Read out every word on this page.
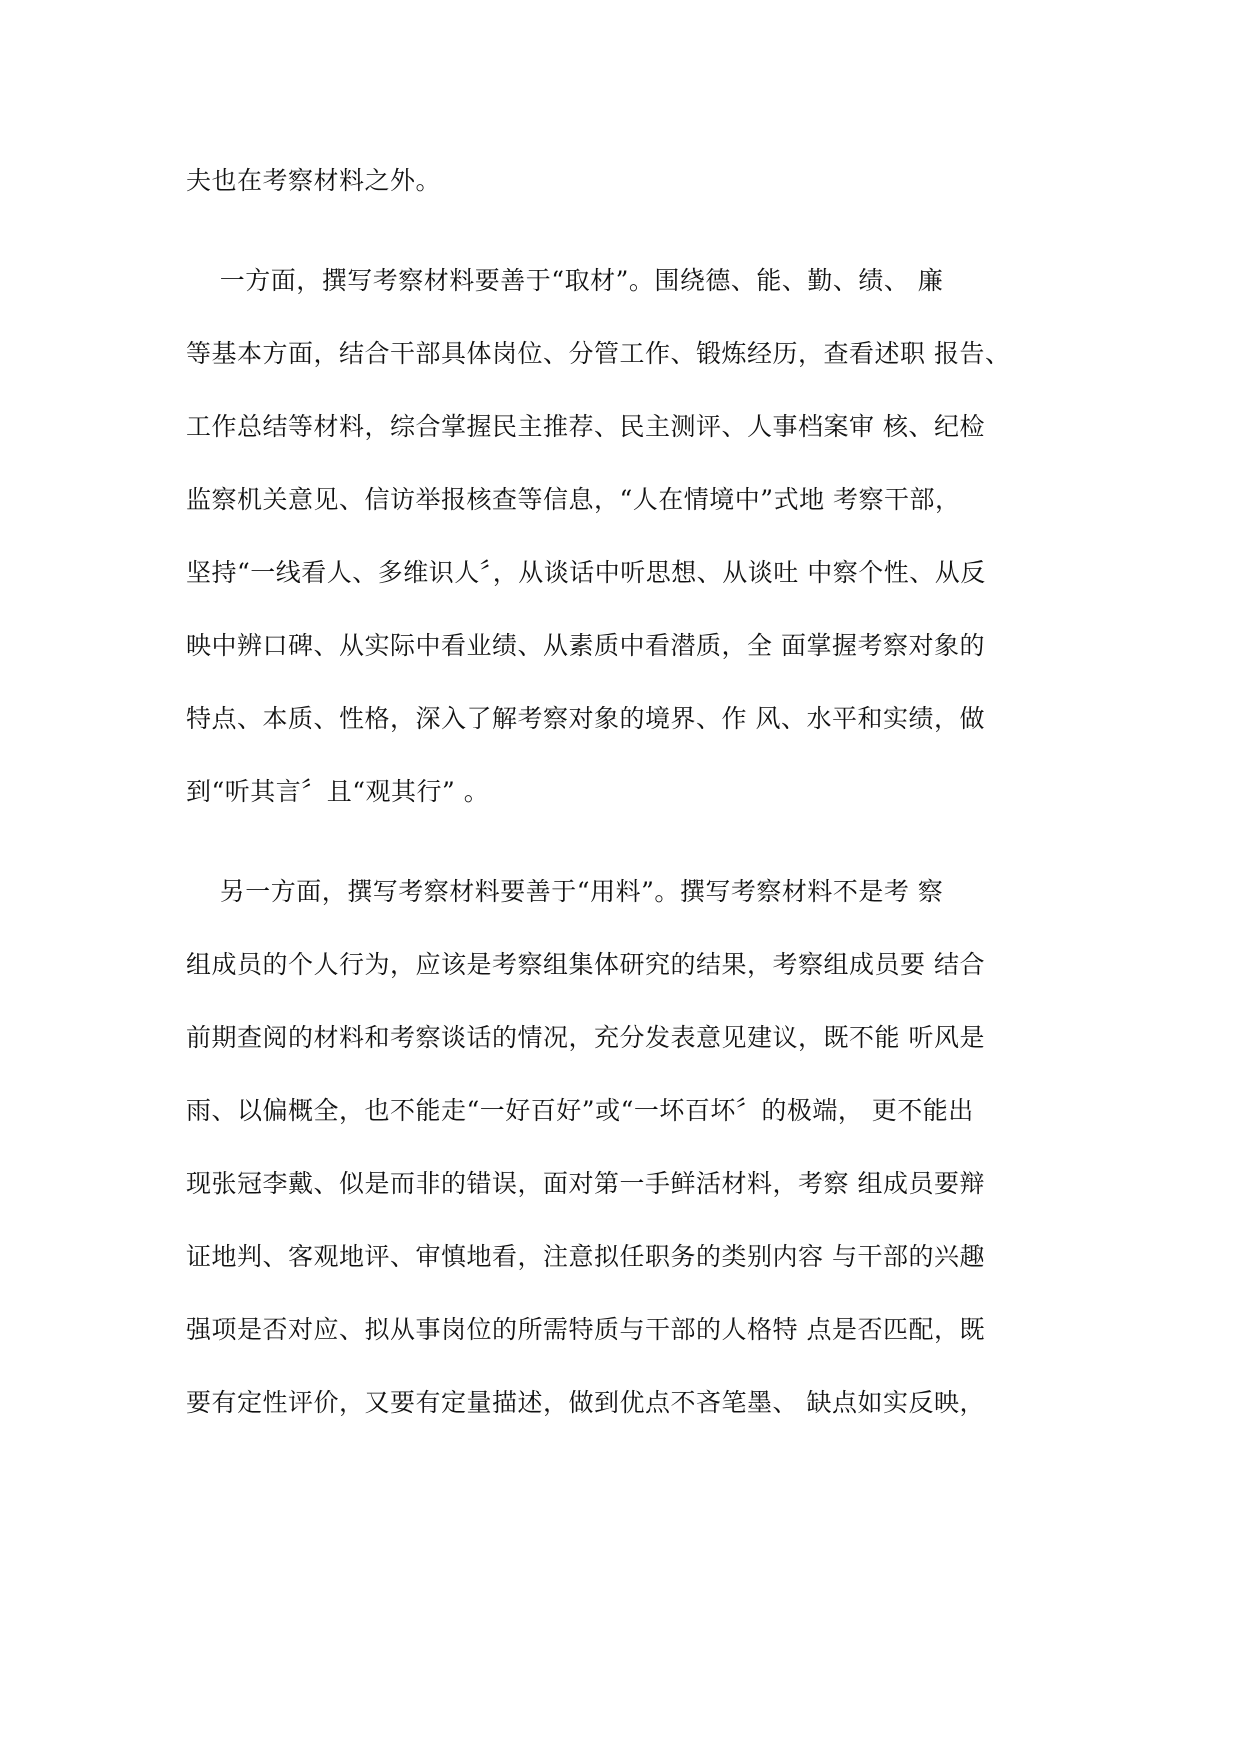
夫也在考察材料之外。
一方面，撰写考察材料要善于“取材”。围绕德、能、勤、绩、 廉
等基本方面，结合干部具体岗位、分管工作、锻炼经历，查看述职 报告、
工作总结等材料，综合掌握民主推荐、民主测评、人事档案审 核、纪检
监察机关意见、信访举报核查等信息，“人在情境中”式地 考察干部，
坚持“一线看人、多维识人〞，从谈话中听思想、从谈吐 中察个性、从反
映中辨口碑、从实际中看业绩、从素质中看潜质，全 面掌握考察对象的
特点、本质、性格，深入了解考察对象的境界、作 风、水平和实绩，做
到“听其言〞且“观其行” 。
另一方面，撰写考察材料要善于“用料”。撰写考察材料不是考 察
组成员的个人行为，应该是考察组集体研究的结果，考察组成员要 结合
前期查阅的材料和考察谈话的情况，充分发表意见建议，既不能 听风是
雨、以偏概全，也不能走“一好百好”或“一坏百坏〞的极端， 更不能出
现张冠李戴、似是而非的错误，面对第一手鲜活材料，考察 组成员要辩
证地判、客观地评、审慎地看，注意拟任职务的类别内容 与干部的兴趣
强项是否对应、拟从事岗位的所需特质与干部的人格特 点是否匹配，既
要有定性评价，又要有定量描述，做到优点不吝笔墨、 缺点如实反映，
